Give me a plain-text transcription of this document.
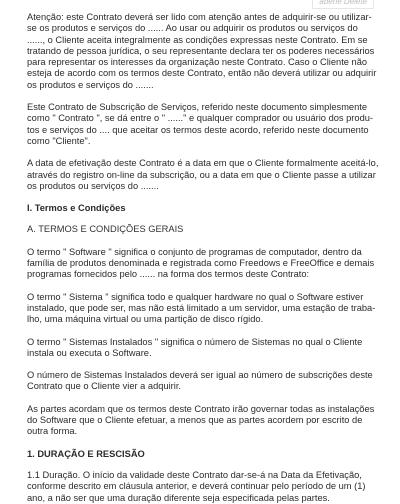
aberie Delete

Atenção: este Contrato deverá ser lido com atenção antes de adquirir-se ou utilizar-

se os produtos e serviços do ...... Ao usar ou adquirir os produtos ou serviços do

......, o Cliente aceita integralmente as condições expressas neste Contrato. Em se

tratando de pessoa jurídica, o seu representante declara ter os poderes necessários

para representar os interesses da organização neste Contrato. Caso o Cliente não

esteja de acordo com os termos deste Contrato, então não deverá utilizar ou adquirir

os produtos e serviços do .......

Este Contrato de Subscrição de Serviços, referido neste documento simplesmente

como " Contrato ", se dá entre o " ......" e qualquer comprador ou usuário dos produ-

tos e serviços do .... que aceitar os termos deste acordo, referido neste documento

como "Cliente".

A data de efetivação deste Contrato é a data em que o Cliente formalmente aceitá-lo,

através do registro on-line da subscrição, ou a data em que o Cliente passe a utilizar

os produtos ou serviços do .......

I. Termos e Condições

A. TERMOS E CONDIÇÕES GERAIS

O termo " Software " significa o conjunto de programas de computador, dentro da

família de produtos denominada e registrada como Freedows e FreeOffice e demais

programas fornecidos pelo ...... na forma dos termos deste Contrato:

O termo " Sistema " significa todo e qualquer hardware no qual o Software estiver

instalado, que pode ser, mas não está limitado a um servidor, uma estação de traba-

lho, uma máquina virtual ou uma partição de disco rígido.

O termo " Sistemas Instalados " significa o número de Sistemas no qual o Cliente

instala ou executa o Software.

O número de Sistemas Instalados deverá ser igual ao número de subscrições deste

Contrato que o Cliente vier a adquirir.

As partes acordam que os termos deste Contrato irão governar todas as instalações

do Software que o Cliente efetuar, a menos que as partes acordem por escrito de

outra forma.

1. DURAÇÃO E RESCISÃO

1.1 Duração. O início da validade deste Contrato dar-se-á na Data da Efetivação,

conforme descrito em cláusula anterior, e deverá continuar pelo período de um (1)

ano, a não ser que uma duração diferente seja especificada pelas partes.
